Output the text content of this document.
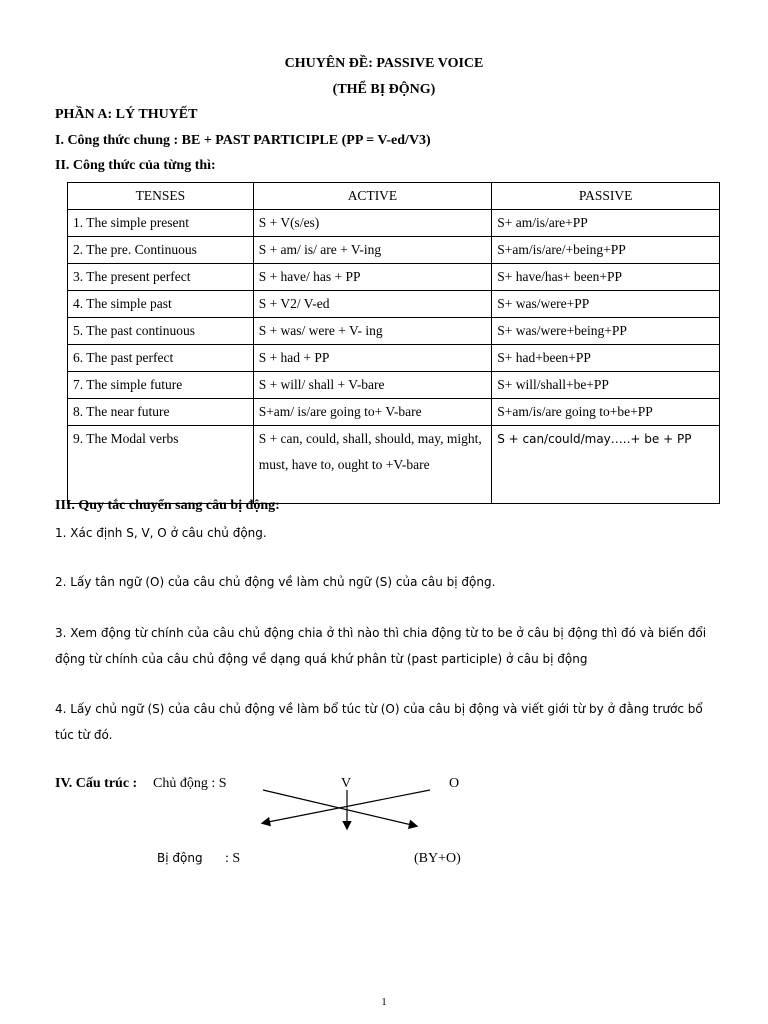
CHUYÊN ĐỀ: PASSIVE VOICE
(THỂ BỊ ĐỘNG)
PHẦN A: LÝ THUYẾT
I. Công thức chung : BE + PAST PARTICIPLE (PP = V-ed/V3)
II. Công thức của từng thì:
TENSES	ACTIVE	PASSIVE
1. The simple present	S + V(s/es)	S+ am/is/are+PP
2. The pre. Continuous	S + am/ is/ are + V-ing	S+am/is/are/+being+PP
3. The present perfect	S + have/ has + PP	S+ have/has+ been+PP
4. The simple past	S + V2/ V-ed	S+ was/were+PP
5. The past continuous	S + was/ were + V- ing	S+ was/were+being+PP
6. The past perfect	S + had + PP	S+ had+been+PP
7. The simple future	S + will/ shall + V-bare	S+ will/shall+be+PP
8. The near future	S+am/ is/are going to+ V-bare	S+am/is/are going to+be+PP
9. The Modal verbs	S + can, could, shall, should, may, might, must, have to, ought to +V-bare	S + can/could/may…..+ be + PP
III. Quy tắc chuyển sang câu bị động:
1. Xác định S, V, O ở câu chủ động.
2. Lấy tân ngữ (O) của câu chủ động về làm chủ ngữ (S) của câu bị động.
3. Xem động từ chính của câu chủ động chia ở thì nào thì chia động từ to be ở câu bị động thì đó và biến đổi động từ chính của câu chủ động về dạng quá khứ phân từ (past participle) ở câu bị động
4. Lấy chủ ngữ (S) của câu chủ động về làm bổ túc từ (O) của câu bị động và viết giới từ by ở đằng trước bổ túc từ đó.
IV. Cấu trúc : Chủ động : S	V	O
Bị động : S	(BY+O)
1
